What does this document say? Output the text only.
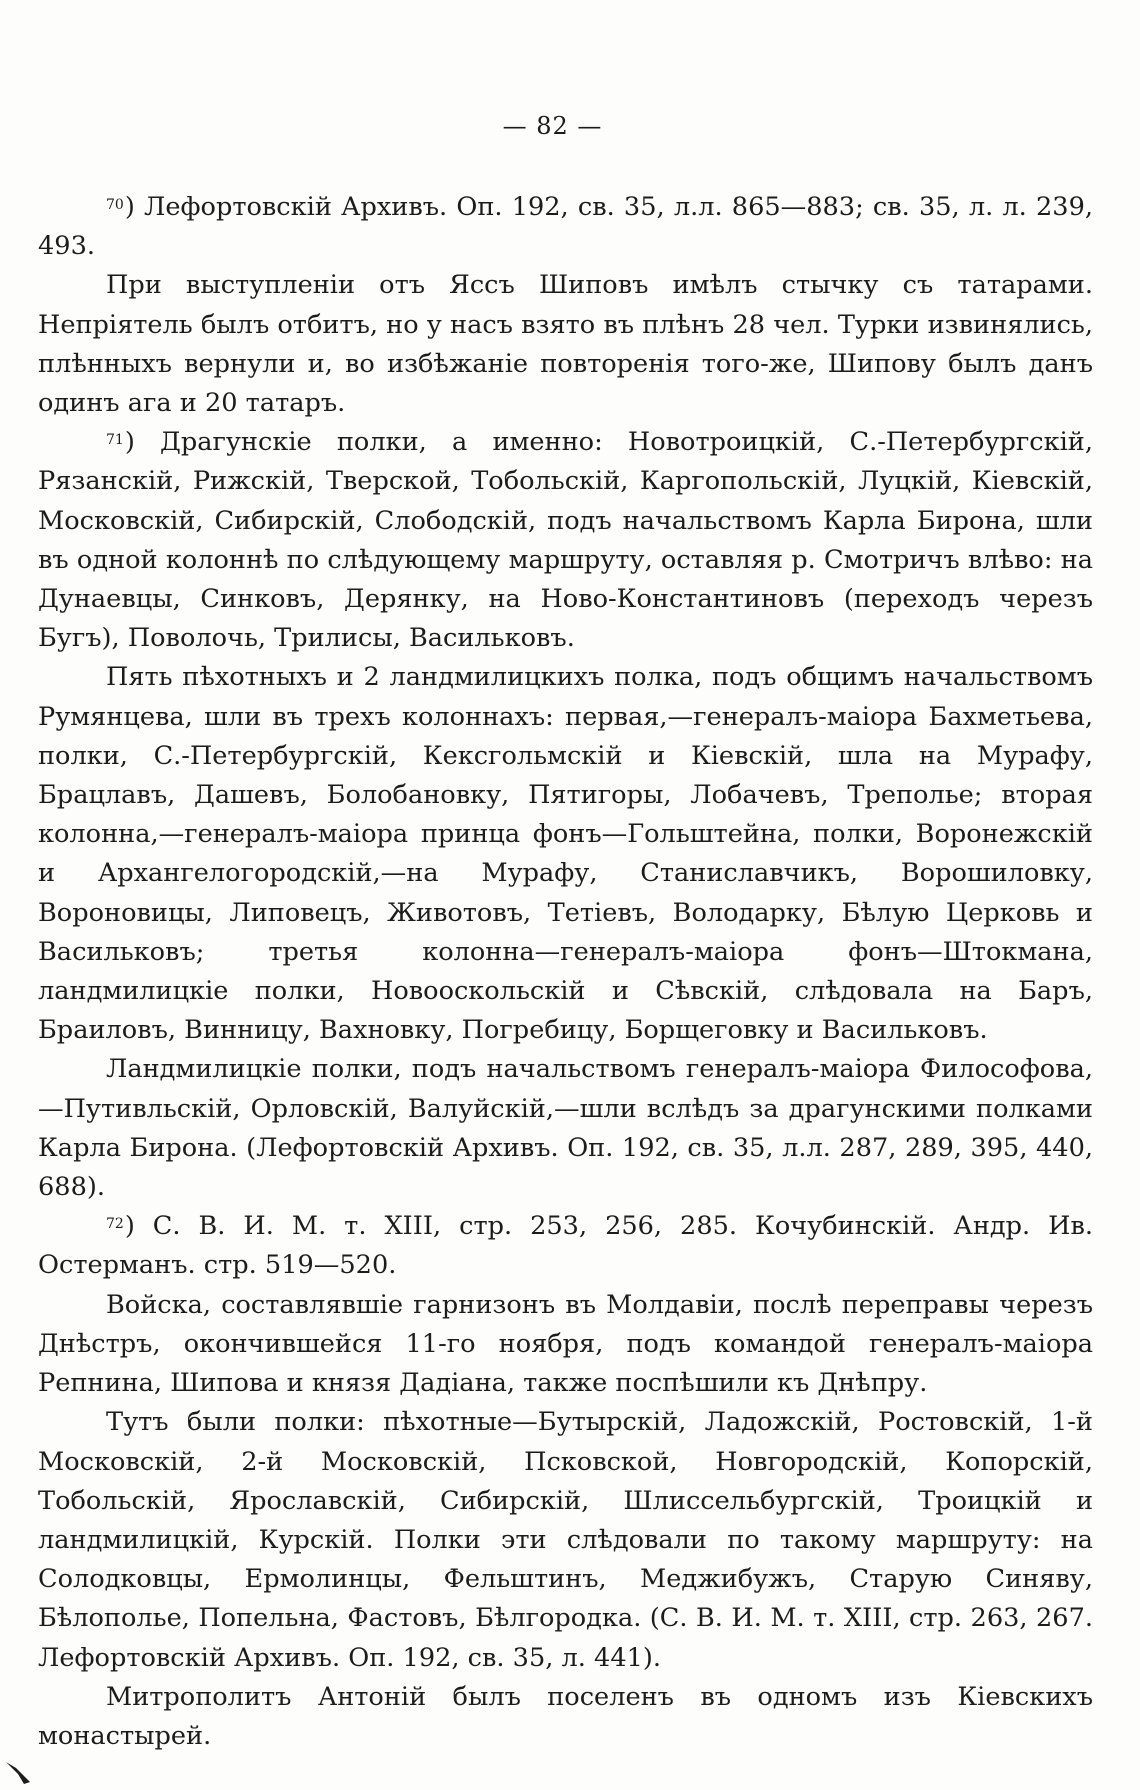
— 82 —

$^{70}$) Лефортовскiй Архивъ. Оп. 192, св. 35, л.л. 865—883; св. 35, л. л. 239, 493.

При выступленiи отъ Яссъ Шиповъ имѣлъ стычку съ татарами. Непрiятель былъ отбитъ, но у насъ взято въ плѣнъ 28 чел. Турки извинялись, плѣнныхъ вернули и, во избѣжанiе повторенiя того-же, Шипову былъ данъ одинъ ага и 20 татаръ.

$^{71}$) Драгунскiе полки, а именно: Новотроицкiй, С.-Петербургскiй, Рязанскiй, Рижскiй, Тверской, Тобольскiй, Каргопольскiй, Луцкiй, Кiевскiй, Московскiй, Сибирскiй, Слободскiй, подъ начальствомъ Карла Бирона, шли въ одной колоннѣ по слѣдующему маршруту, оставляя р. Смотричъ влѣво: на Дунаевцы, Синковъ, Дерянку, на Ново-Константиновъ (переходъ черезъ Бугъ), Поволочь, Трилисы, Васильковъ.

Пять пѣхотныхъ и 2 ландмилицкихъ полка, подъ общимъ начальствомъ Румянцева, шли въ трехъ колоннахъ: первая,—генералъ-маiора Бахметьева, полки, С.-Петербургскiй, Кексгольмскiй и Кiевскiй, шла на Мурафу, Брацлавъ, Дашевъ, Болобановку, Пятигоры, Лобачевъ, Треполье; вторая колонна,—генералъ-маiора принца фонъ—Гольштейна, полки, Воронежскiй и Архангелогородскiй,—на Мурафу, Станиславчикъ, Ворошиловку, Вороновицы, Липовецъ, Животовъ, Тетiевъ, Володарку, Бѣлую Церковь и Васильковъ; третья колонна—генералъ-маiора фонъ—Штокмана, ландмилицкiе полки, Новооскольскiй и Сѣвскiй, слѣдовала на Баръ, Браиловъ, Винницу, Вахновку, Погребицу, Борщеговку и Васильковъ.

Ландмилицкiе полки, подъ начальствомъ генералъ-маiора Философова,—Путивльскiй, Орловскiй, Валуйскiй,—шли вслѣдъ за драгунскими полками Карла Бирона. (Лефортовскiй Архивъ. Оп. 192, св. 35, л.л. 287, 289, 395, 440, 688).

$^{72}$) С. В. И. М. т. XIII, стр. 253, 256, 285. Кочубинскiй. Андр. Ив. Остерманъ. стр. 519—520.

Войска, составлявшiе гарнизонъ въ Молдавiи, послѣ переправы черезъ Днѣстръ, окончившейся 11-го ноября, подъ командой генералъ-маiора Репнина, Шипова и князя Дадiана, также поспѣшили къ Днѣпру.

Тутъ были полки: пѣхотные—Бутырскiй, Ладожскiй, Ростовскiй, 1-й Московскiй, 2-й Московскiй, Псковской, Новгородскiй, Копорскiй, Тобольскiй, Ярославскiй, Сибирскiй, Шлиссельбургскiй, Троицкiй и ландмилицкiй, Курскiй. Полки эти слѣдовали по такому маршруту: на Солодковцы, Ермолинцы, Фельштинъ, Меджибужъ, Старую Синяву, Бѣлополье, Попельна, Фастовъ, Бѣлгородка. (С. В. И. М. т. XIII, стр. 263, 267. Лефортовскiй Архивъ. Оп. 192, св. 35, л. 441).

Митрополитъ Антонiй былъ поселенъ въ одномъ изъ Кiевскихъ монастырей.
